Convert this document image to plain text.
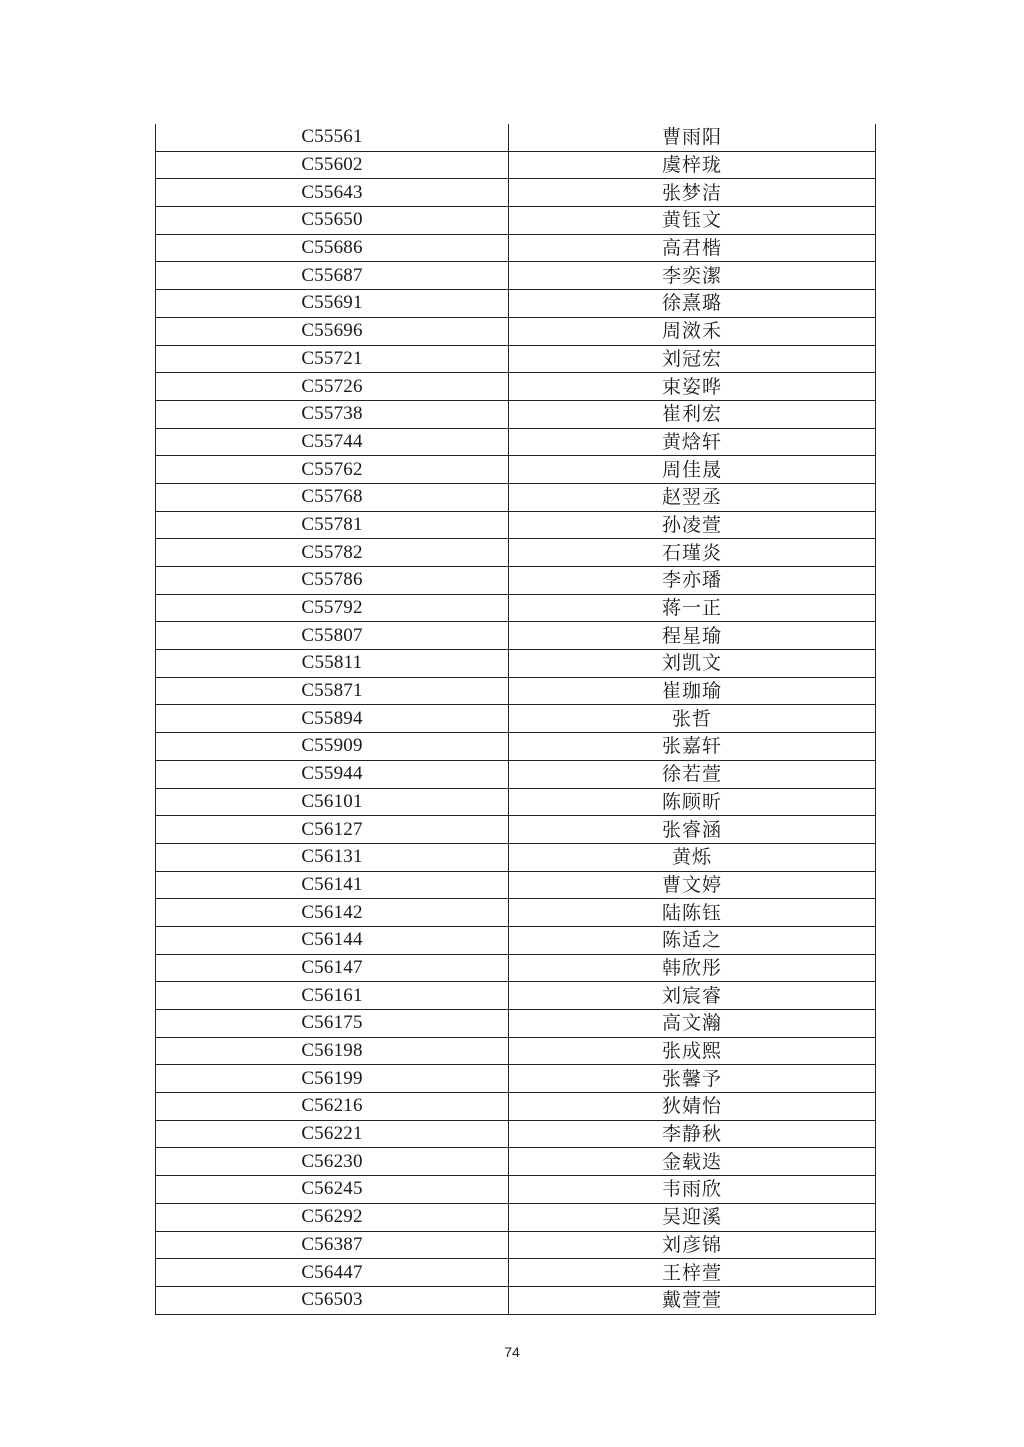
C55561	曹雨阳
C55602	虞梓珑
C55643	张梦洁
C55650	黄钰文
C55686	高君楷
C55687	李奕潔
C55691	徐熹璐
C55696	周滧禾
C55721	刘冠宏
C55726	束姿晔
C55738	崔利宏
C55744	黄焓轩
C55762	周佳晟
C55768	赵翌丞
C55781	孙凌萱
C55782	石瑾炎
C55786	李亦璠
C55792	蒋一正
C55807	程星瑜
C55811	刘凯文
C55871	崔珈瑜
C55894	张哲
C55909	张嘉轩
C55944	徐若萱
C56101	陈顾昕
C56127	张睿涵
C56131	黄烁
C56141	曹文婷
C56142	陆陈钰
C56144	陈适之
C56147	韩欣彤
C56161	刘宸睿
C56175	高文瀚
C56198	张成熙
C56199	张馨予
C56216	狄婧怡
C56221	李静秋
C56230	金载迭
C56245	韦雨欣
C56292	吴迎溪
C56387	刘彦锦
C56447	王梓萱
C56503	戴萱萱
74
